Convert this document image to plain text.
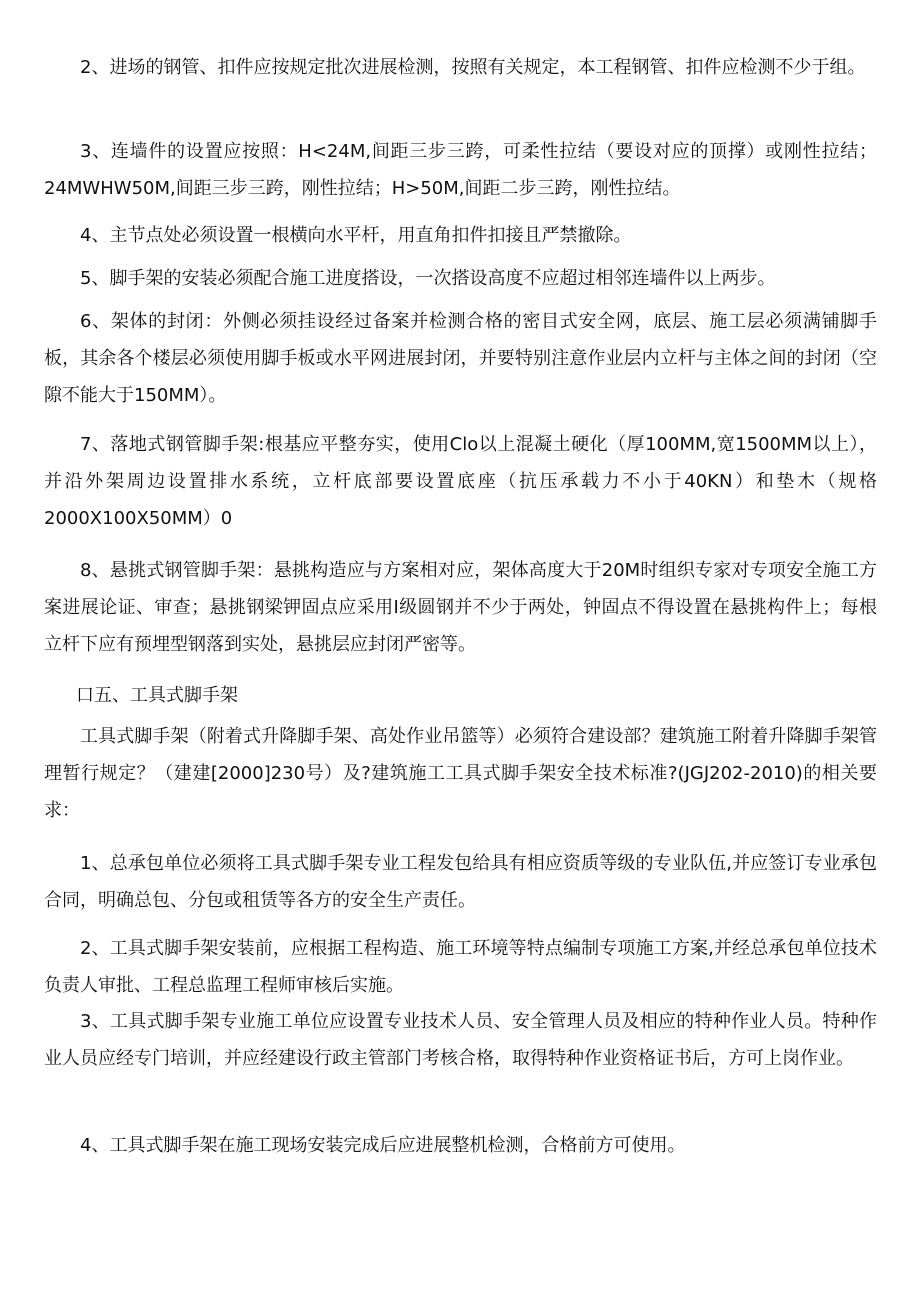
2、进场的钢管、扣件应按规定批次进展检测，按照有关规定，本工程钢管、扣件应检测不少于组。

3、连墙件的设置应按照：H<24M,间距三步三跨，可柔性拉结（要设对应的顶撑）或刚性拉结；24MWHW50M,间距三步三跨，刚性拉结；H>50M,间距二步三跨，刚性拉结。

4、主节点处必须设置一根横向水平杆，用直角扣件扣接且严禁撤除。

5、脚手架的安装必须配合施工进度搭设，一次搭设高度不应超过相邻连墙件以上两步。

6、架体的封闭：外侧必须挂设经过备案并检测合格的密目式安全网，底层、施工层必须满铺脚手板，其余各个楼层必须使用脚手板或水平网进展封闭，并要特别注意作业层内立杆与主体之间的封闭（空隙不能大于150MM）。

7、落地式钢管脚手架:根基应平整夯实，使用Clo以上混凝土硬化（厚100MM,宽1500MM以上），并沿外架周边设置排水系统，立杆底部要设置底座（抗压承载力不小于40KN）和垫木（规格2000X100X50MM）0

8、悬挑式钢管脚手架：悬挑构造应与方案相对应，架体高度大于20M时组织专家对专项安全施工方案进展论证、审查；悬挑钢梁钾固点应采用I级圆钢并不少于两处，钟固点不得设置在悬挑构件上；每根立杆下应有预埋型钢落到实处，悬挑层应封闭严密等。

口五、工具式脚手架

工具式脚手架（附着式升降脚手架、高处作业吊篮等）必须符合建设部？建筑施工附着升降脚手架管理暂行规定？（建建[2000]230号）及?建筑施工工具式脚手架安全技术标准?(JGJ202-2010)的相关要求：

1、总承包单位必须将工具式脚手架专业工程发包给具有相应资质等级的专业队伍,并应签订专业承包合同，明确总包、分包或租赁等各方的安全生产责任。

2、工具式脚手架安装前，应根据工程构造、施工环境等特点编制专项施工方案,并经总承包单位技术负责人审批、工程总监理工程师审核后实施。

3、工具式脚手架专业施工单位应设置专业技术人员、安全管理人员及相应的特种作业人员。特种作业人员应经专门培训，并应经建设行政主管部门考核合格，取得特种作业资格证书后，方可上岗作业。

4、工具式脚手架在施工现场安装完成后应进展整机检测，合格前方可使用。
